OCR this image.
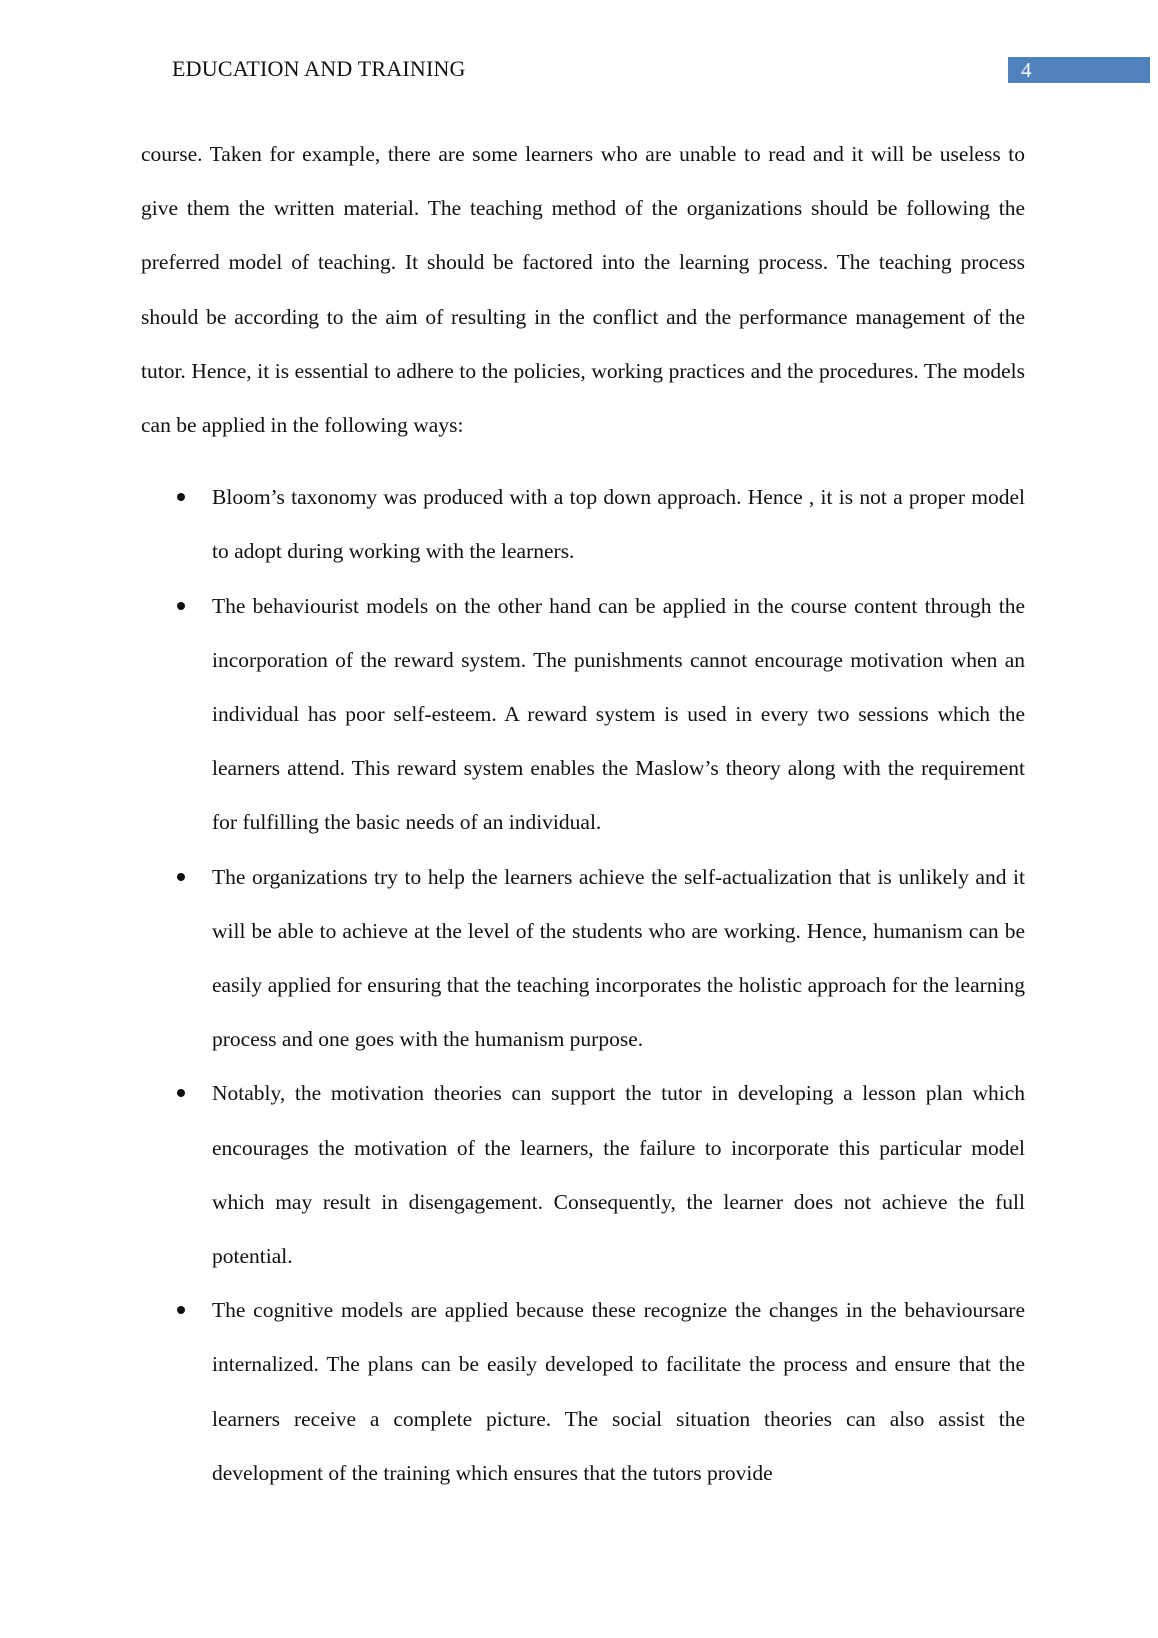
EDUCATION AND TRAINING	4

course. Taken for example, there are some learners who are unable to read and it will be useless to give them the written material. The teaching method of the organizations should be following the preferred model of teaching. It should be factored into the learning process. The teaching process should be according to the aim of resulting in the conflict and the performance management of the tutor. Hence, it is essential to adhere to the policies, working practices and the procedures. The models can be applied in the following ways:

Bloom’s taxonomy was produced with a top down approach. Hence , it is not a proper model to adopt during working with the learners.
The behaviourist models on the other hand can be applied in the course content through the incorporation of the reward system. The punishments cannot encourage motivation when an individual has poor self-esteem. A reward system is used in every two sessions which the learners attend. This reward system enables the Maslow’s theory along with the requirement for fulfilling the basic needs of an individual.
The organizations try to help the learners achieve the self-actualization that is unlikely and it will be able to achieve at the level of the students who are working. Hence, humanism can be easily applied for ensuring that the teaching incorporates the holistic approach for the learning process and one goes with the humanism purpose.
Notably, the motivation theories can support the tutor in developing a lesson plan which encourages the motivation of the learners, the failure to incorporate this particular model which may result in disengagement. Consequently, the learner does not achieve the full potential.
The cognitive models are applied because these recognize the changes in the behavioursare internalized. The plans can be easily developed to facilitate the process and ensure that the learners receive a complete picture. The social situation theories can also assist the development of the training which ensures that the tutors provide
